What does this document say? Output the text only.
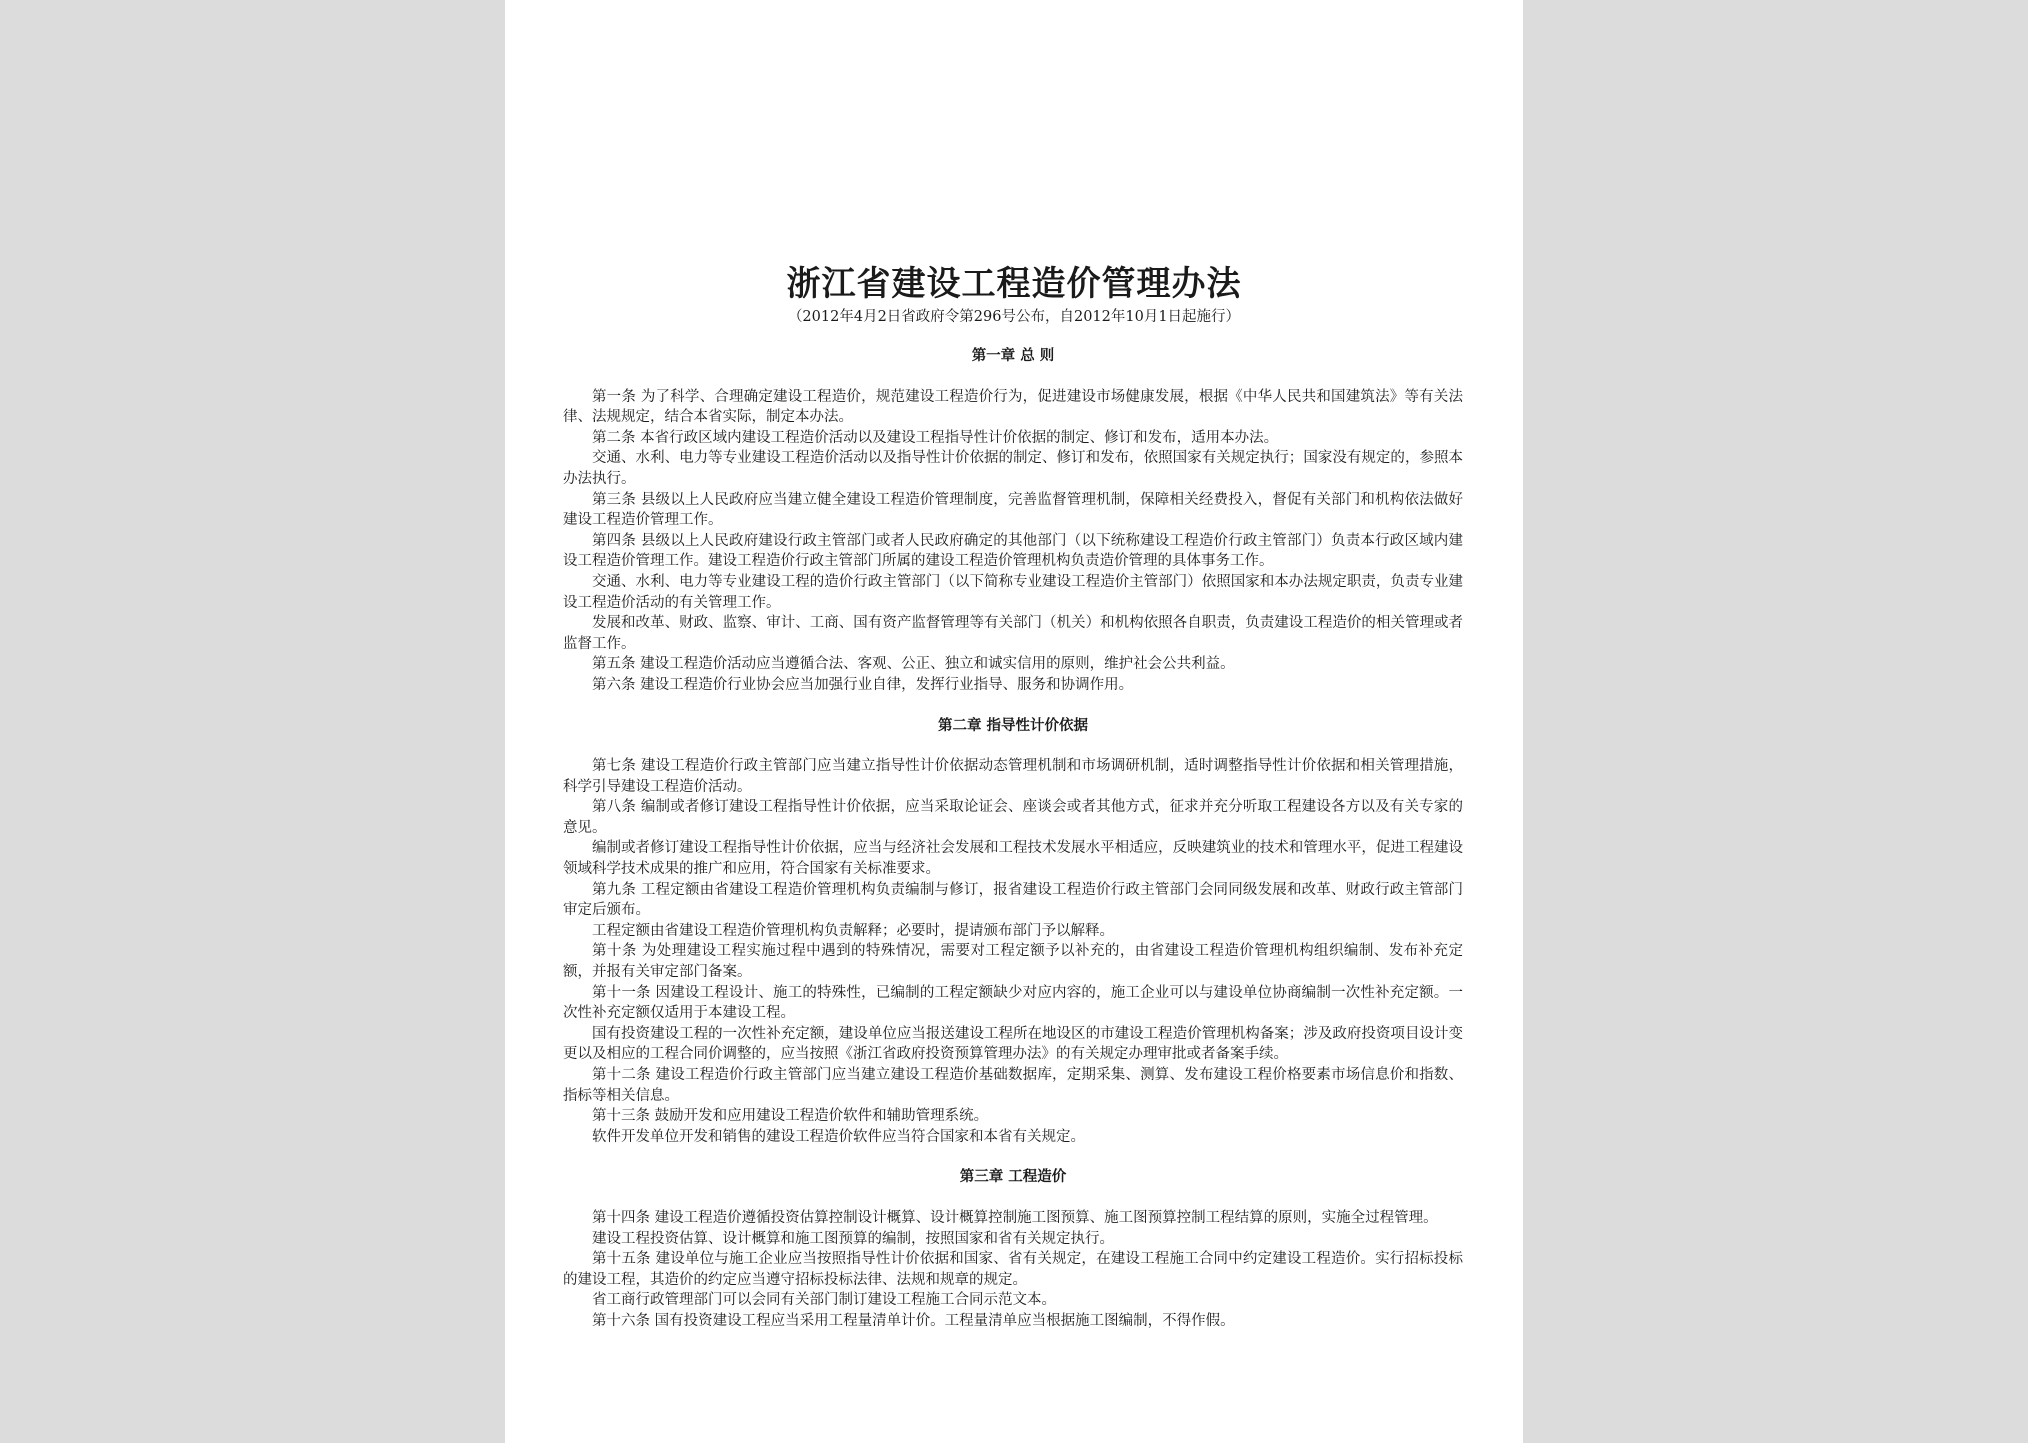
浙江省建设工程造价管理办法
（2012年4月2日省政府令第296号公布，自2012年10月1日起施行）
第一章 总 则
第一条 为了科学、合理确定建设工程造价，规范建设工程造价行为，促进建设市场健康发展，根据《中华人民共和国建筑法》等有关法律、法规规定，结合本省实际，制定本办法。
第二条 本省行政区域内建设工程造价活动以及建设工程指导性计价依据的制定、修订和发布，适用本办法。
交通、水利、电力等专业建设工程造价活动以及指导性计价依据的制定、修订和发布，依照国家有关规定执行；国家没有规定的，参照本办法执行。
第三条 县级以上人民政府应当建立健全建设工程造价管理制度，完善监督管理机制，保障相关经费投入，督促有关部门和机构依法做好建设工程造价管理工作。
第四条 县级以上人民政府建设行政主管部门或者人民政府确定的其他部门（以下统称建设工程造价行政主管部门）负责本行政区域内建设工程造价管理工作。建设工程造价行政主管部门所属的建设工程造价管理机构负责造价管理的具体事务工作。
交通、水利、电力等专业建设工程的造价行政主管部门（以下简称专业建设工程造价主管部门）依照国家和本办法规定职责，负责专业建设工程造价活动的有关管理工作。
发展和改革、财政、监察、审计、工商、国有资产监督管理等有关部门（机关）和机构依照各自职责，负责建设工程造价的相关管理或者监督工作。
第五条 建设工程造价活动应当遵循合法、客观、公正、独立和诚实信用的原则，维护社会公共利益。
第六条 建设工程造价行业协会应当加强行业自律，发挥行业指导、服务和协调作用。
第二章 指导性计价依据
第七条 建设工程造价行政主管部门应当建立指导性计价依据动态管理机制和市场调研机制，适时调整指导性计价依据和相关管理措施，科学引导建设工程造价活动。
第八条 编制或者修订建设工程指导性计价依据，应当采取论证会、座谈会或者其他方式，征求并充分听取工程建设各方以及有关专家的意见。
编制或者修订建设工程指导性计价依据，应当与经济社会发展和工程技术发展水平相适应，反映建筑业的技术和管理水平，促进工程建设领域科学技术成果的推广和应用，符合国家有关标准要求。
第九条 工程定额由省建设工程造价管理机构负责编制与修订，报省建设工程造价行政主管部门会同同级发展和改革、财政行政主管部门审定后颁布。
工程定额由省建设工程造价管理机构负责解释；必要时，提请颁布部门予以解释。
第十条 为处理建设工程实施过程中遇到的特殊情况，需要对工程定额予以补充的，由省建设工程造价管理机构组织编制、发布补充定额，并报有关审定部门备案。
第十一条 因建设工程设计、施工的特殊性，已编制的工程定额缺少对应内容的，施工企业可以与建设单位协商编制一次性补充定额。一次性补充定额仅适用于本建设工程。
国有投资建设工程的一次性补充定额，建设单位应当报送建设工程所在地设区的市建设工程造价管理机构备案；涉及政府投资项目设计变更以及相应的工程合同价调整的，应当按照《浙江省政府投资预算管理办法》的有关规定办理审批或者备案手续。
第十二条 建设工程造价行政主管部门应当建立建设工程造价基础数据库，定期采集、测算、发布建设工程价格要素市场信息价和指数、指标等相关信息。
第十三条 鼓励开发和应用建设工程造价软件和辅助管理系统。
软件开发单位开发和销售的建设工程造价软件应当符合国家和本省有关规定。
第三章 工程造价
第十四条 建设工程造价遵循投资估算控制设计概算、设计概算控制施工图预算、施工图预算控制工程结算的原则，实施全过程管理。
建设工程投资估算、设计概算和施工图预算的编制，按照国家和省有关规定执行。
第十五条 建设单位与施工企业应当按照指导性计价依据和国家、省有关规定，在建设工程施工合同中约定建设工程造价。实行招标投标的建设工程，其造价的约定应当遵守招标投标法律、法规和规章的规定。
省工商行政管理部门可以会同有关部门制订建设工程施工合同示范文本。
第十六条 国有投资建设工程应当采用工程量清单计价。工程量清单应当根据施工图编制，不得作假。
